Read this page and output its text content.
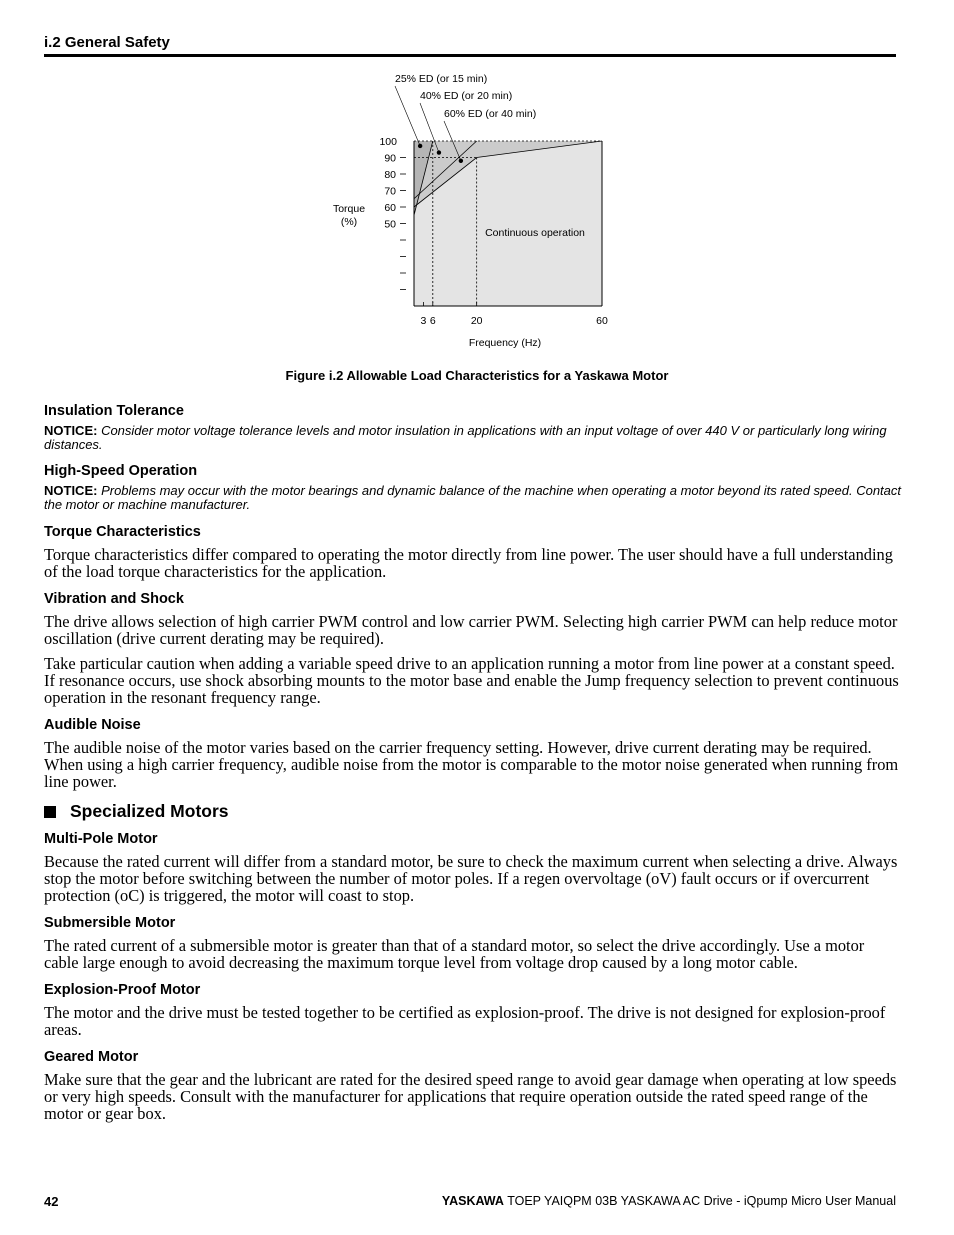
i.2 General Safety
25% ED (or 15 min)
40% ED (or 20 min)
60% ED (or 40 min)
100
90
80
70
60
50
3 6	20	60
Torque
(%)
Frequency (Hz)
Continuous operation
Figure i.2 Allowable Load Characteristics for a Yaskawa Motor
Insulation Tolerance
NOTICE: Consider motor voltage tolerance levels and motor insulation in applications with an input voltage of over 440 V or particularly long wiring distances.
High-Speed Operation
NOTICE: Problems may occur with the motor bearings and dynamic balance of the machine when operating a motor beyond its rated speed. Contact the motor or machine manufacturer.
Torque Characteristics
Torque characteristics differ compared to operating the motor directly from line power. The user should have a full understanding of the load torque characteristics for the application.
Vibration and Shock
The drive allows selection of high carrier PWM control and low carrier PWM. Selecting high carrier PWM can help reduce motor oscillation (drive current derating may be required).
Take particular caution when adding a variable speed drive to an application running a motor from line power at a constant speed. If resonance occurs, use shock absorbing mounts to the motor base and enable the Jump frequency selection to prevent continuous operation in the resonant frequency range.
Audible Noise
The audible noise of the motor varies based on the carrier frequency setting. However, drive current derating may be required. When using a high carrier frequency, audible noise from the motor is comparable to the motor noise generated when running from line power.
Specialized Motors
Multi-Pole Motor
Because the rated current will differ from a standard motor, be sure to check the maximum current when selecting a drive. Always stop the motor before switching between the number of motor poles. If a regen overvoltage (oV) fault occurs or if overcurrent protection (oC) is triggered, the motor will coast to stop.
Submersible Motor
The rated current of a submersible motor is greater than that of a standard motor, so select the drive accordingly. Use a motor cable large enough to avoid decreasing the maximum torque level from voltage drop caused by a long motor cable.
Explosion-Proof Motor
The motor and the drive must be tested together to be certified as explosion-proof. The drive is not designed for explosion-proof areas.
Geared Motor
Make sure that the gear and the lubricant are rated for the desired speed range to avoid gear damage when operating at low speeds or very high speeds. Consult with the manufacturer for applications that require operation outside the rated speed range of the motor or gear box.
42	YASKAWA TOEP YAIQPM 03B YASKAWA AC Drive - iQpump Micro User Manual
